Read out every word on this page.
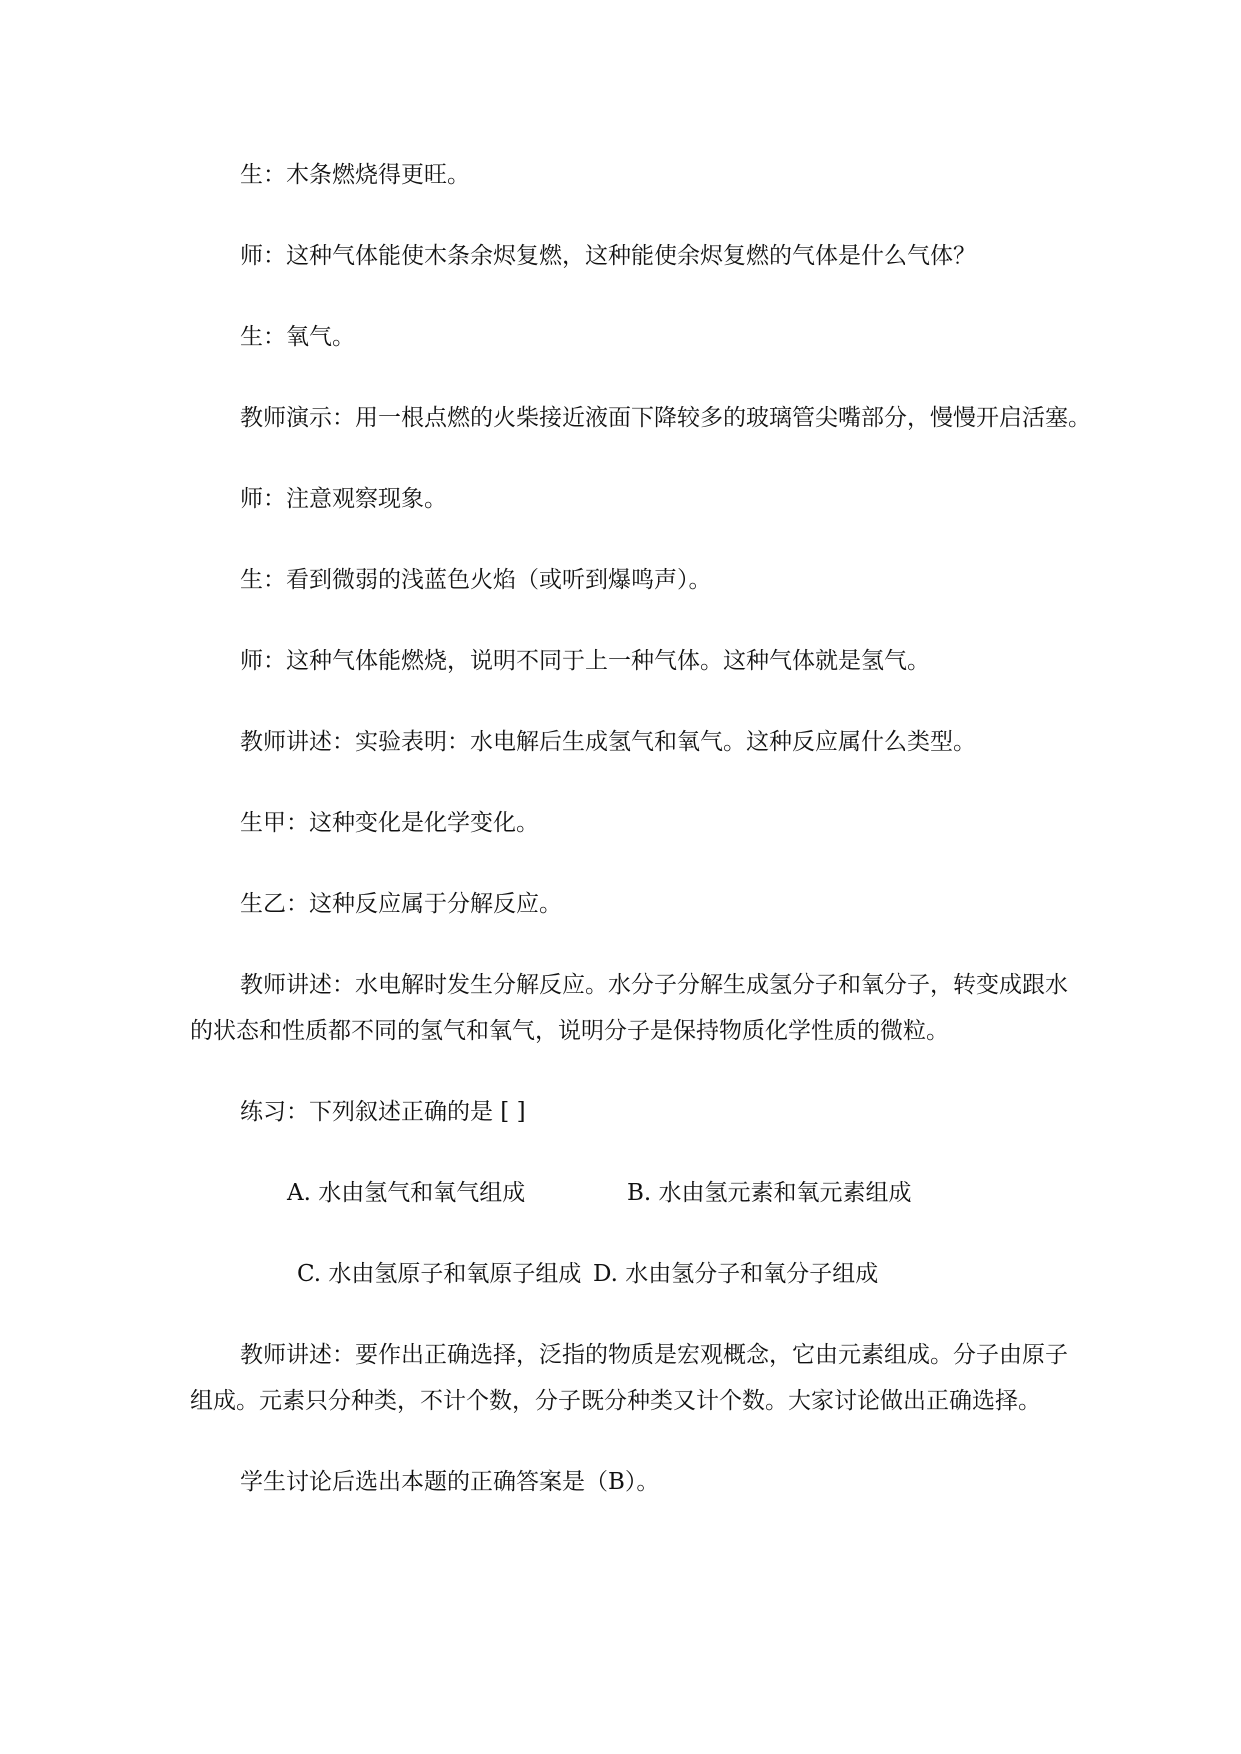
生：木条燃烧得更旺。
师：这种气体能使木条余烬复燃，这种能使余烬复燃的气体是什么气体？
生：氧气。
教师演示：用一根点燃的火柴接近液面下降较多的玻璃管尖嘴部分，慢慢开启活塞。
师：注意观察现象。
生：看到微弱的浅蓝色火焰（或听到爆鸣声）。
师：这种气体能燃烧，说明不同于上一种气体。这种气体就是氢气。
教师讲述：实验表明：水电解后生成氢气和氧气。这种反应属什么类型。
生甲：这种变化是化学变化。
生乙：这种反应属于分解反应。
教师讲述：水电解时发生分解反应。水分子分解生成氢分子和氧分子，转变成跟水
的状态和性质都不同的氢气和氧气，说明分子是保持物质化学性质的微粒。
练习：下列叙述正确的是 [ ]
A. 水由氢气和氧气组成	B. 水由氢元素和氧元素组成
C. 水由氢原子和氧原子组成 D. 水由氢分子和氧分子组成
教师讲述：要作出正确选择，泛指的物质是宏观概念，它由元素组成。分子由原子
组成。元素只分种类，不计个数，分子既分种类又计个数。大家讨论做出正确选择。
学生讨论后选出本题的正确答案是（B）。
